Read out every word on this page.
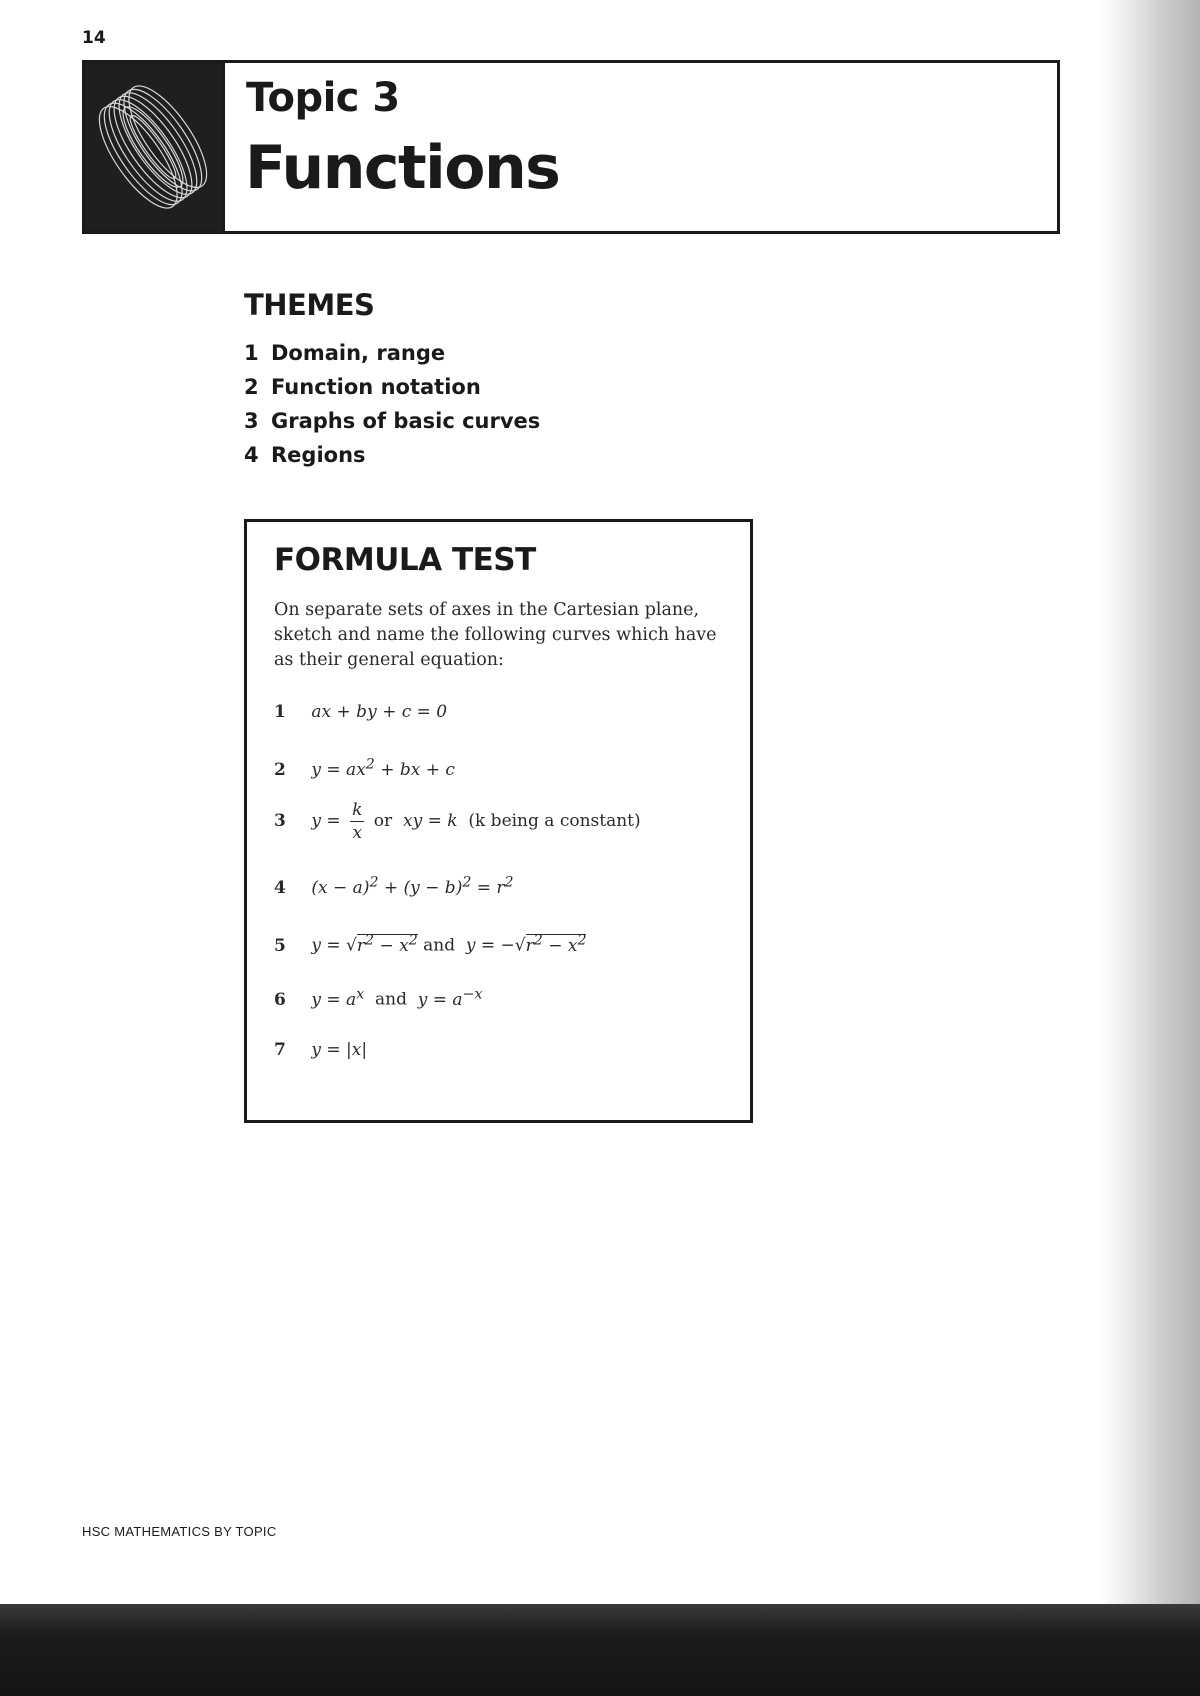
14
Topic 3
Functions
THEMES
1 Domain, range
2 Function notation
3 Graphs of basic curves
4 Regions
FORMULA TEST

On separate sets of axes in the Cartesian plane, sketch and name the following curves which have as their general equation:

1 ax + by + c = 0
2 $y = ax^2$ + bx + c
3 $y = \frac{k}{x}$ or  xy = k  (k being a constant)
4 $(x - a)^2 + (y - b)^2 = r^2$
5 $y = √r^2 - x^2$ and  $y = -√r^2 - x^2$
6 $y = a^x$ and  $y = a^{-x}$
7 y = |x|
HSC MATHEMATICS BY TOPIC
